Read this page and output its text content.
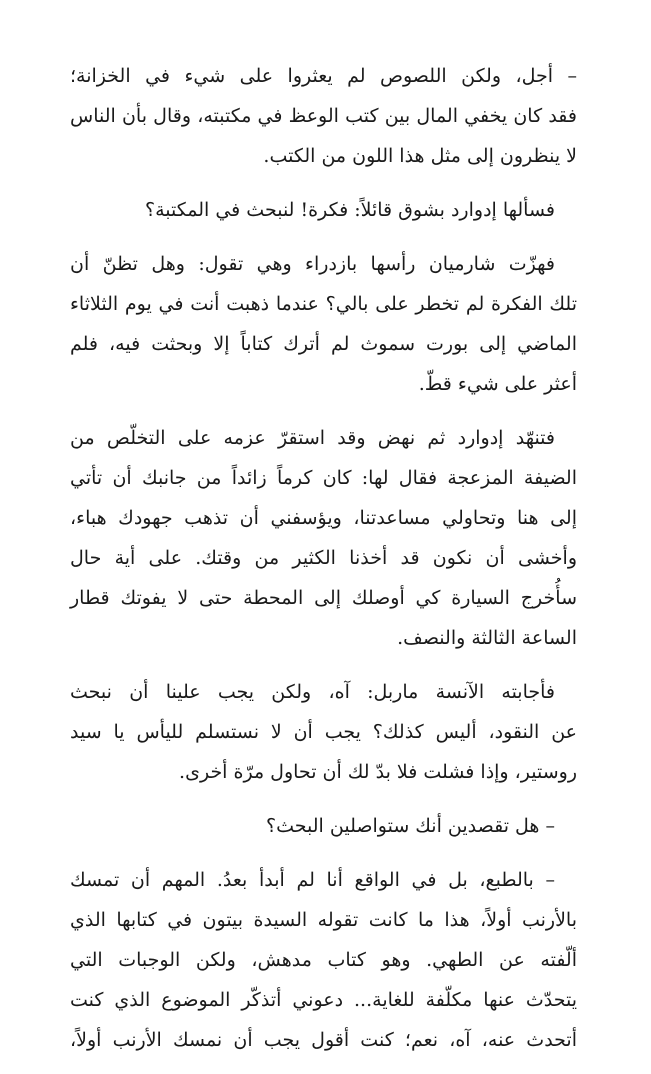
– أجل، ولكن اللصوص لم يعثروا على شيء في الخزانة؛
فقد كان يخفي المال بين كتب الوعظ في مكتبته، وقال بأن الناس
لا ينظرون إلى مثل هذا اللون من الكتب.
فسألها إدوارد بشوق قائلاً: فكرة! لنبحث في المكتبة؟
فهزّت شارميان رأسها بازدراء وهي تقول: وهل تظنّ أن
تلك الفكرة لم تخطر على بالي؟ عندما ذهبت أنت في يوم الثلاثاء
الماضي إلى بورت سموث لم أترك كتاباً إلا وبحثت فيه، فلم
أعثر على شيء قطّ.
فتنهّد إدوارد ثم نهض وقد استقرّ عزمه على التخلّص من
الضيفة المزعجة فقال لها: كان كرماً زائداً من جانبك أن تأتي
إلى هنا وتحاولي مساعدتنا، ويؤسفني أن تذهب جهودك هباء،
وأخشى أن نكون قد أخذنا الكثير من وقتك. على أية حال
سأُخرج السيارة كي أوصلك إلى المحطة حتى لا يفوتك قطار
الساعة الثالثة والنصف.
فأجابته الآنسة ماربل: آه، ولكن يجب علينا أن نبحث
عن النقود، أليس كذلك؟ يجب أن لا نستسلم لليأس يا سيد
روستير، وإذا فشلت فلا بدّ لك أن تحاول مرّة أخرى.
– هل تقصدين أنك ستواصلين البحث؟
– بالطبع، بل في الواقع أنا لم أبدأ بعدُ. المهم أن تمسك
بالأرنب أولاً، هذا ما كانت تقوله السيدة بيتون في كتابها الذي
ألّفته عن الطهي. وهو كتاب مدهش، ولكن الوجبات التي
يتحدّث عنها مكلّفة للغاية... دعوني أتذكّر الموضوع الذي كنت
أتحدث عنه، آه، نعم؛ كنت أقول يجب أن نمسك الأرنب أولاً،
